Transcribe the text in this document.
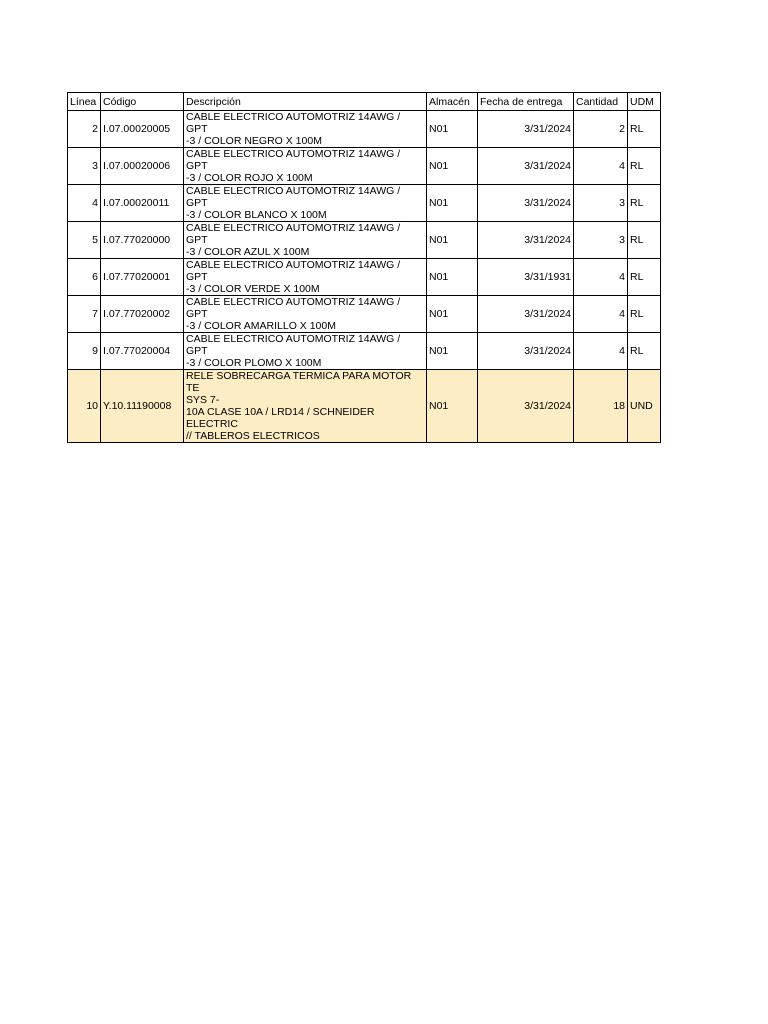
Línea	Código	Descripción	Almacén	Fecha de entrega	Cantidad	UDM
2	I.07.00020005	CABLE ELECTRICO AUTOMOTRIZ 14AWG / GPT
-3 / COLOR NEGRO X 100M	N01	3/31/2024	2	RL
3	I.07.00020006	CABLE ELECTRICO AUTOMOTRIZ 14AWG / GPT
-3 / COLOR ROJO X 100M	N01	3/31/2024	4	RL
4	I.07.00020011	CABLE ELECTRICO AUTOMOTRIZ 14AWG / GPT
-3 / COLOR BLANCO X 100M	N01	3/31/2024	3	RL
5	I.07.77020000	CABLE ELECTRICO AUTOMOTRIZ 14AWG / GPT
-3 / COLOR AZUL X 100M	N01	3/31/2024	3	RL
6	I.07.77020001	CABLE ELECTRICO AUTOMOTRIZ 14AWG / GPT
-3 / COLOR VERDE X 100M	N01	3/31/1931	4	RL
7	I.07.77020002	CABLE ELECTRICO AUTOMOTRIZ 14AWG / GPT
-3 / COLOR AMARILLO X 100M	N01	3/31/2024	4	RL
9	I.07.77020004	CABLE ELECTRICO AUTOMOTRIZ 14AWG / GPT
-3 / COLOR PLOMO X 100M	N01	3/31/2024	4	RL
10	Y.10.11190008	RELE SOBRECARGA TERMICA PARA MOTOR TE
SYS 7-
10A CLASE 10A / LRD14 / SCHNEIDER ELECTRIC
// TABLEROS ELECTRICOS	N01	3/31/2024	18	UND
